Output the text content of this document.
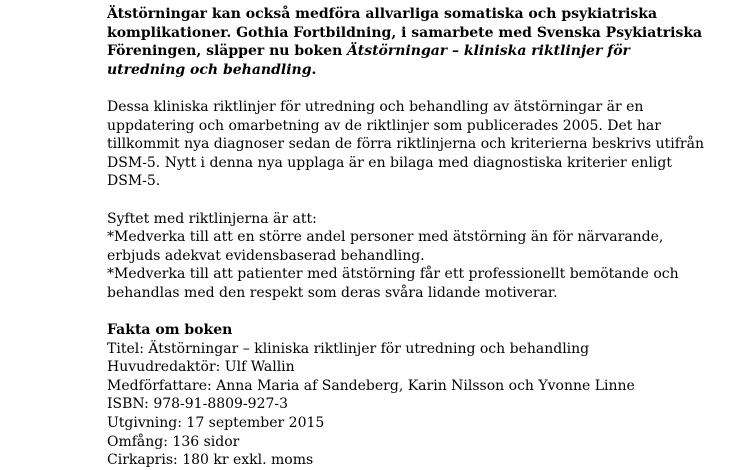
Ätstörningar kan också medföra allvarliga somatiska och psykiatriska komplikationer. Gothia Fortbildning, i samarbete med Svenska Psykiatriska Föreningen, släpper nu boken Ätstörningar – kliniska riktlinjer för utredning och behandling.

Dessa kliniska riktlinjer för utredning och behandling av ätstörningar är en uppdatering och omarbetning av de riktlinjer som publicerades 2005. Det har tillkommit nya diagnoser sedan de förra riktlinjerna och kriterierna beskrivs utifrån DSM-5. Nytt i denna nya upplaga är en bilaga med diagnostiska kriterier enligt DSM-5.

Syftet med riktlinjerna är att:

*Medverka till att en större andel personer med ätstörning än för närvarande, erbjuds adekvat evidensbaserad behandling.

*Medverka till att patienter med ätstörning får ett professionellt bemötande och behandlas med den respekt som deras svåra lidande motiverar.

Fakta om boken

Titel: Ätstörningar – kliniska riktlinjer för utredning och behandling

Huvudredaktör: Ulf Wallin

Medförfattare: Anna Maria af Sandeberg, Karin Nilsson och Yvonne Linne

ISBN: 978-91-8809-927-3

Utgivning: 17 september 2015

Omfång: 136 sidor

Cirkapris: 180 kr exkl. moms
